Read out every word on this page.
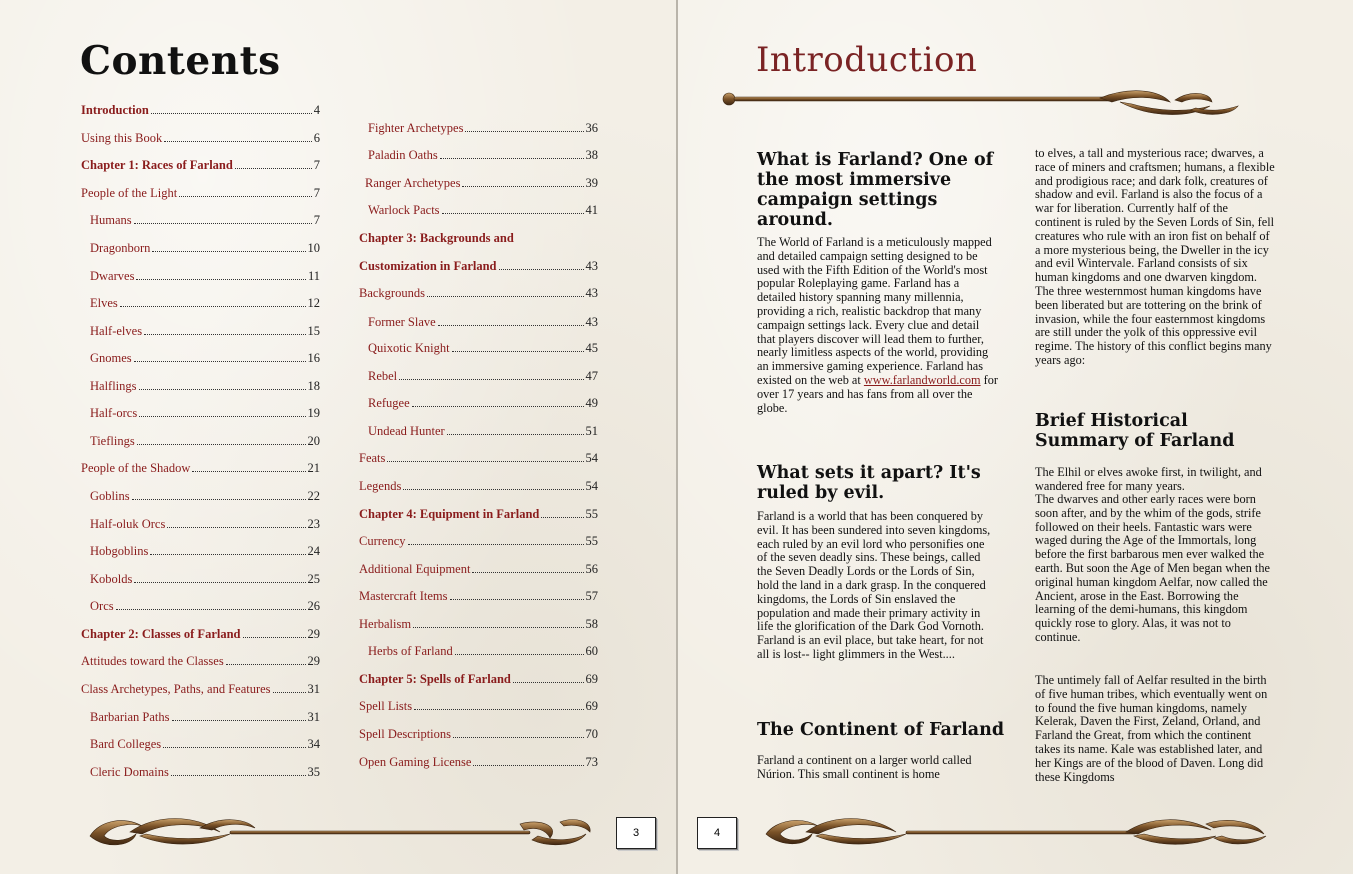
Contents
Introduction	4
Using this Book	6
Chapter 1: Races of Farland	7
People of the Light	7
Humans	7
Dragonborn	10
Dwarves	11
Elves	12
Half-elves	15
Gnomes	16
Halflings	18
Half-orcs	19
Tieflings	20
People of the Shadow	21
Goblins	22
Half-oluk Orcs	23
Hobgoblins	24
Kobolds	25
Orcs	26
Chapter 2: Classes of Farland	29
Attitudes toward the Classes	29
Class Archetypes, Paths, and Features	31
Barbarian Paths	31
Bard Colleges	34
Cleric Domains	35
Fighter Archetypes	36
Paladin Oaths	38
Ranger Archetypes	39
Warlock Pacts	41
Chapter 3: Backgrounds and
Customization in Farland	43
Backgrounds	43
Former Slave	43
Quixotic Knight	45
Rebel	47
Refugee	49
Undead Hunter	51
Feats	54
Legends	54
Chapter 4: Equipment in Farland	55
Currency	55
Additional Equipment	56
Mastercraft Items	57
Herbalism	58
Herbs of Farland	60
Chapter 5: Spells of Farland	69
Spell Lists	69
Spell Descriptions	70
Open Gaming License	73
3
Introduction
What is Farland? One of the most immersive campaign settings around.

The World of Farland is a meticulously mapped and detailed campaign setting designed to be used with the Fifth Edition of the World's most popular Roleplaying game. Farland has a detailed history spanning many millennia, providing a rich, realistic backdrop that many campaign settings lack. Every clue and detail that players discover will lead them to further, nearly limitless aspects of the world, providing an immersive gaming experience. Farland has existed on the web at www.farlandworld.com for over 17 years and has fans from all over the globe.

What sets it apart? It's ruled by evil.

Farland is a world that has been conquered by evil. It has been sundered into seven kingdoms, each ruled by an evil lord who personifies one of the seven deadly sins. These beings, called the Seven Deadly Lords or the Lords of Sin, hold the land in a dark grasp. In the conquered kingdoms, the Lords of Sin enslaved the population and made their primary activity in life the glorification of the Dark God Vornoth. Farland is an evil place, but take heart, for not all is lost-- light glimmers in the West....

The Continent of Farland

Farland a continent on a larger world called Núrion. This small continent is home

to elves, a tall and mysterious race; dwarves, a race of miners and craftsmen; humans, a flexible and prodigious race; and dark folk, creatures of shadow and evil. Farland is also the focus of a war for liberation. Currently half of the continent is ruled by the Seven Lords of Sin, fell creatures who rule with an iron fist on behalf of a more mysterious being, the Dweller in the icy and evil Wintervale. Farland consists of six human kingdoms and one dwarven kingdom. The three westernmost human kingdoms have been liberated but are tottering on the brink of invasion, while the four easternmost kingdoms are still under the yolk of this oppressive evil regime. The history of this conflict begins many years ago:

Brief Historical Summary of Farland

The Elhil or elves awoke first, in twilight, and wandered free for many years.

The dwarves and other early races were born soon after, and by the whim of the gods, strife followed on their heels. Fantastic wars were waged during the Age of the Immortals, long before the first barbarous men ever walked the earth. But soon the Age of Men began when the original human kingdom Aelfar, now called the Ancient, arose in the East. Borrowing the learning of the demi-humans, this kingdom quickly rose to glory. Alas, it was not to continue.

The untimely fall of Aelfar resulted in the birth of five human tribes, which eventually went on to found the five human kingdoms, namely Kelerak, Daven the First, Zeland, Orland, and Farland the Great, from which the continent takes its name. Kale was established later, and her Kings are of the blood of Daven. Long did these Kingdoms

4
